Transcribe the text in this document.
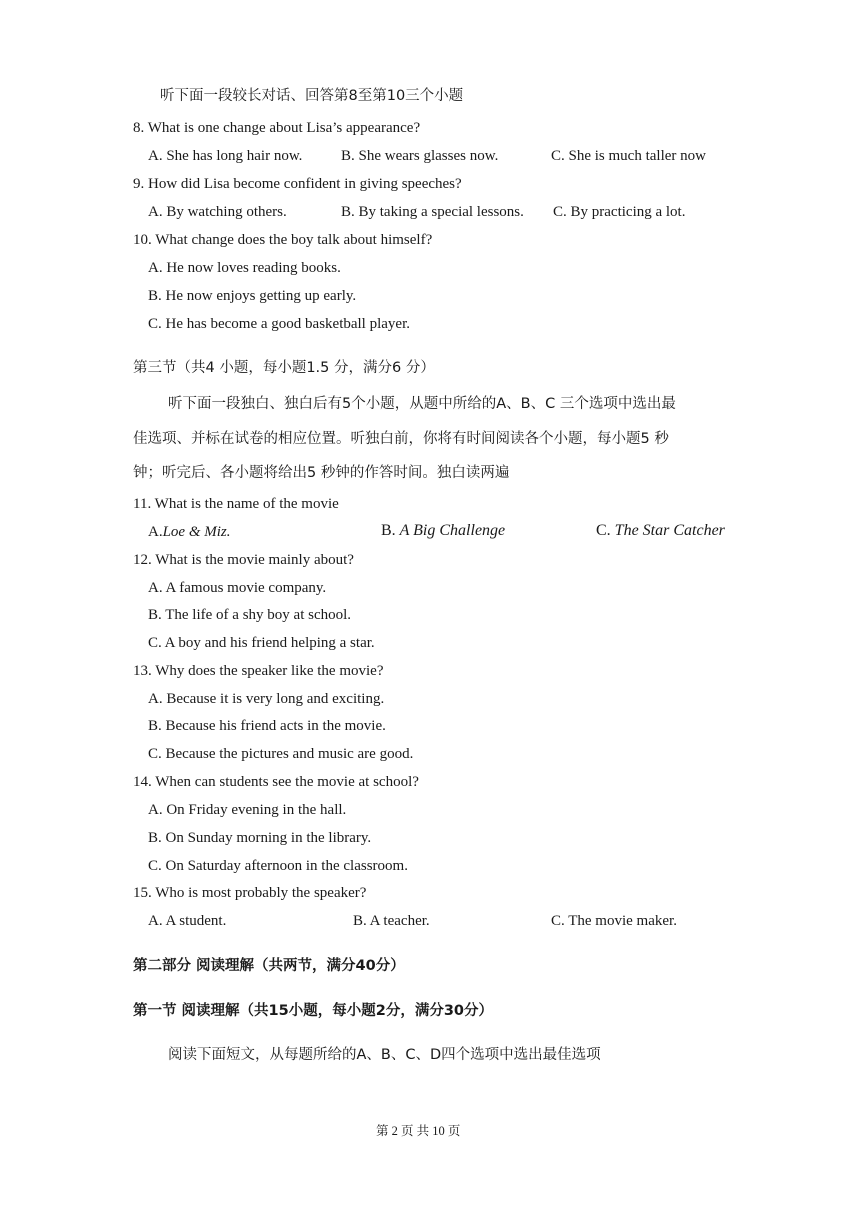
听下面一段较长对话、回答第8至第10三个小题
8. What is one change about Lisa’s appearance?
A. She has long hair now.	B. She wears glasses now.	C. She is much taller now
9. How did Lisa become confident in giving speeches?
A. By watching others.	B. By taking a special lessons. C. By practicing a lot.
10. What change does the boy talk about himself?
A. He now loves reading books.
B. He now enjoys getting up early.
C. He has become a good basketball player.
第三节（共4 小题，每小题1.5 分，满分6 分）
听下面一段独白、独白后有5个小题，从题中所给的A、B、C 三个选项中选出最
佳选项、并标在试卷的相应位置。听独白前，你将有时间阅读各个小题，每小题5 秒
钟；听完后、各小题将给出5 秒钟的作答时间。独白读两遍
11. What is the name of the movie
A.Loe & Miz.	B. A Big Challenge	C. The Star Catcher
12. What is the movie mainly about?
A. A famous movie company.
B. The life of a shy boy at school.
C. A boy and his friend helping a star.
13. Why does the speaker like the movie?
A. Because it is very long and exciting.
B. Because his friend acts in the movie.
C. Because the pictures and music are good.
14. When can students see the movie at school?
A. On Friday evening in the hall.
B. On Sunday morning in the library.
C. On Saturday afternoon in the classroom.
15. Who is most probably the speaker?
A. A student.	B. A teacher.	C. The movie maker.
第二部分 阅读理解（共两节，满分40分）
第一节 阅读理解（共15小题，每小题2分，满分30分）
阅读下面短文，从每题所给的A、B、C、D四个选项中选出最佳选项
第 2 页 共 10 页
